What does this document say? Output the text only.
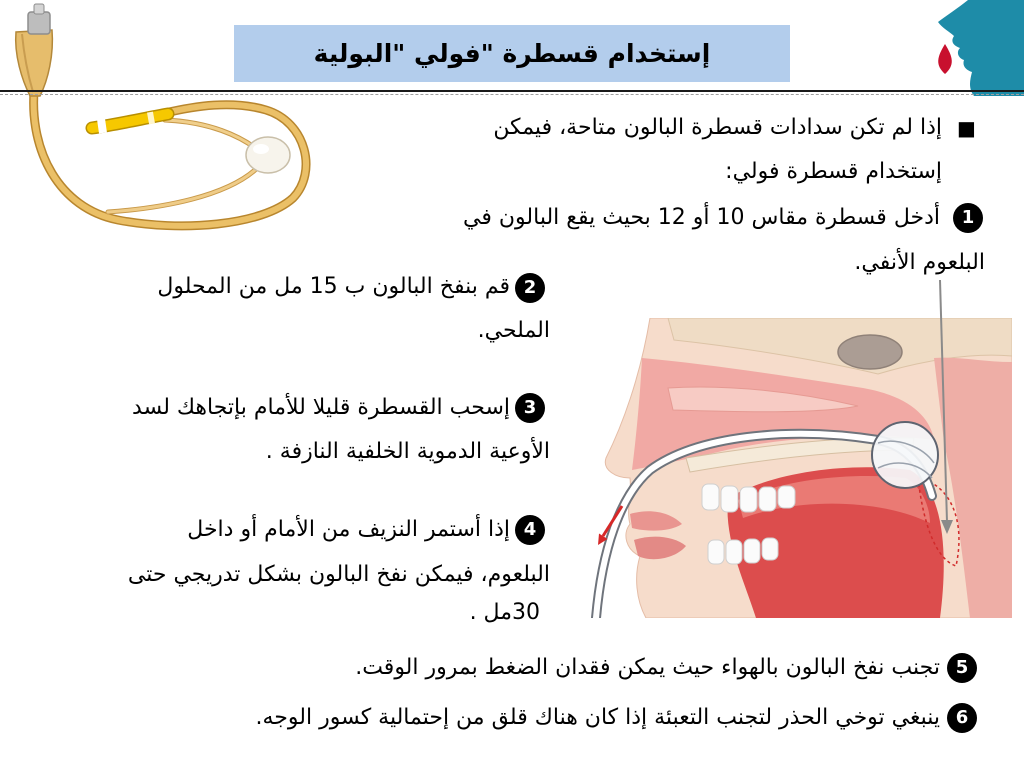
إستخدام قسطرة "فولي "البولية
■
إذا لم تكن سدادات قسطرة البالون متاحة، فيمكن
إستخدام قسطرة فولي:
1
أدخل قسطرة مقاس 10 أو 12 بحيث يقع البالون في
البلعوم الأنفي.
2
قم بنفخ البالون ب 15 مل من المحلول
الملحي.
3
إسحب القسطرة قليلا للأمام بإتجاهك لسد
الأوعية الدموية الخلفية النازفة .
4
إذا أستمر النزيف من الأمام أو داخل
البلعوم، فيمكن نفخ البالون بشكل تدريجي حتى
30مل .
5
تجنب نفخ البالون بالهواء حيث يمكن فقدان الضغط بمرور الوقت.
6
ينبغي توخي الحذر لتجنب التعبئة إذا كان هناك قلق من إحتمالية كسور الوجه.
